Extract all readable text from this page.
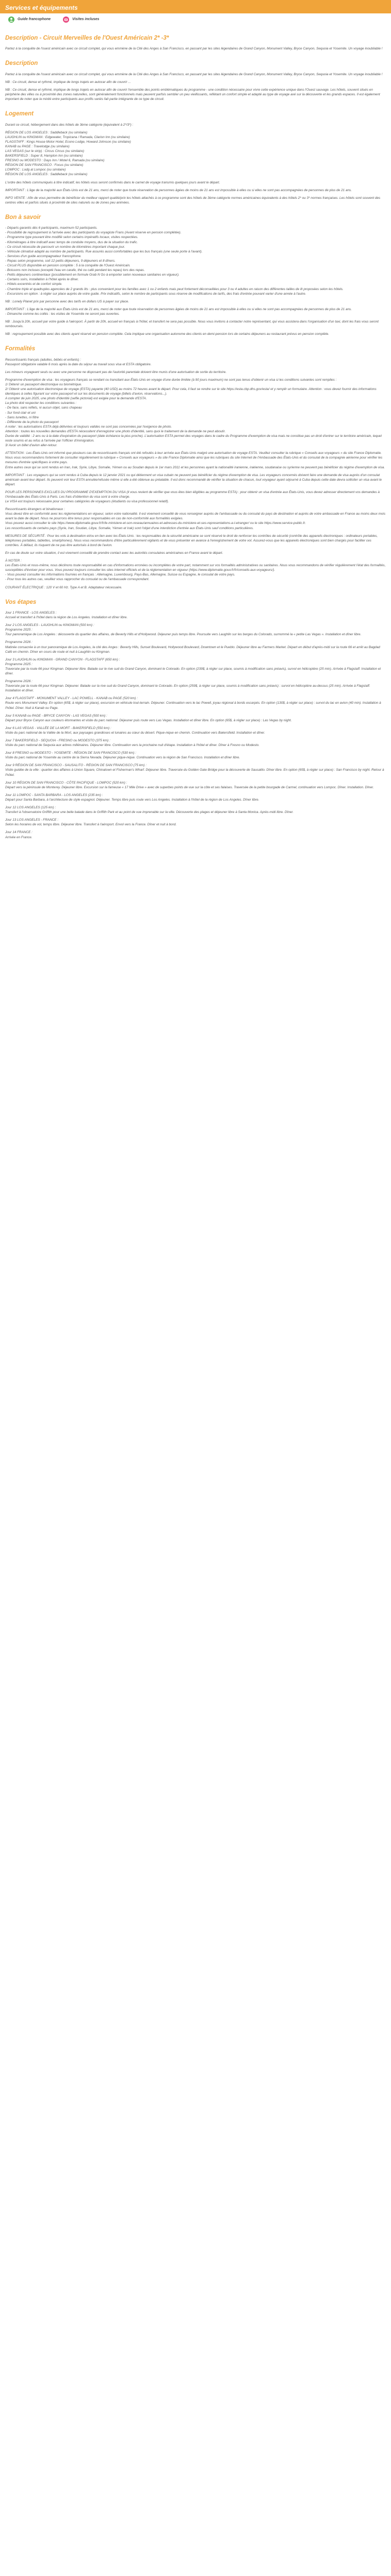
Services et équipements
Guide francophone	Visites incluses
Description - Circuit Merveilles de l'Ouest Américain 2* -3*

Partez à la conquête de l'ouest américain avec ce circuit complet, qui vous emmène de la Cité des Anges à San Francisco, en passant par les sites légendaires de Grand Canyon, Monument Valley, Bryce Canyon, Sequoia et Yosemite. Un voyage inoubliable !

Description

Partez à la conquête de l'ouest américain avec ce circuit complet, qui vous emmène de la Cité des Anges à San Francisco, en passant par les sites légendaires de Grand Canyon, Monument Valley, Bryce Canyon, Sequoia et Yosemite. Un voyage inoubliable !

NB : Ce circuit, dense et rythmé, implique de longs trajets en autocar afin de couvrir ...

NB : Ce circuit, dense et rythmé, implique de longs trajets en autocar afin de couvrir l'ensemble des points emblématiques du programme - une condition nécessaire pour vivre cette expérience unique dans l'Ouest sauvage. Les hôtels, souvent situés en périphérie des villes ou à proximité des zones naturelles, sont généralement fonctionnels mais peuvent parfois sembler un peu vieillissants, reflétant un confort simple et adapté au type de voyage axé sur la découverte et les grands espaces. Il est également important de noter que la mixité entre participants aux profils variés fait partie intégrante de ce type de circuit.

Logement

Durant ce circuit, hébergement dans des hôtels de 3ème catégorie (équivalent à 2*/3*) :

RÉGION DE LOS ANGELES : Saddleback (ou similaire)
LAUGHLIN ou KINGMAN : Edgewater, Tropicana / Ramada, Clarion Inn (ou similaire)
FLAGSTAFF : Kings House Motor Hotel, Econo Lodge, Howard Johnson (ou similaire)
KANAB ou PAGE : Travelodge (ou similaire)
LAS VEGAS (sur le strip) : Circus Circus (ou similaire)
BAKERSFIELD : Super 8, Hampton Inn (ou similaire)
FRESNO ou MODESTO : Days Inn / Motel 6, Ramada (ou similaire)
RÉGION DE SAN FRANCISCO : Focus (ou similaire)
LOMPOC : Lodg at Lompoc (ou similaire)
RÉGION DE LOS ANGELES : Saddleback (ou similaire)

L'ordre des hôtels communiqués à titre indicatif, les hôtels vous seront confirmés dans le carnet de voyage transmis quelques jours avant le départ.

IMPORTANT : L'âge de la majorité aux États-Unis est de 21 ans, merci de noter que toute réservation de personnes âgées de moins de 21 ans est impossible à elles ou si elles ne sont pas accompagnées de personnes de plus de 21 ans.

INFO VENTE : Afin de vous permettre de bénéficier du meilleur rapport qualité/prix les hôtels attachés à ce programme sont des hôtels de 3ème catégorie normes américaines équivalents à des hôtels 2* ou 3* normes françaises. Les hôtels sont souvent des centres villes et parfois situés à proximité de sites naturels ou de zones peu animées.

Bon à savoir

- Départs garantis dès 6 participants, maximum 52 participants.
- Possibilité de regroupement à l'arrivée avec des participants du voyagiste Frans (Avant réserve en pension complétée).
- Programme type pouvant être modifié selon certains impératifs locaux, visites respectées.
- Kilométrages à titre indicatif avec temps de conduite moyens, dus de la situation du trafic.
- Ce circuit nécessite de parcourir un nombre de kilomètres important chaque jour.
- Véhicule climatisé adapté au nombre de participants. Rue assurés aussi comfortables que les bus français (une seule porte à l'avant).
- Services d'un guide accompagnateur francophone.
- Repas selon programme, soit 12 petits déjeuners, 9 déjeuners et 8 dîners.
- Circuit PLUS disponible en pension complète : 5 à la conquête de l'Ouest Américain.
- Boissons non incluses (excepté l'eau en carafe, thé ou café pendant les repas) lors des repas.
- Petits déjeuners continentaux (possiblement en formule Grab N Go à emporter selon nouveaux sanitaires en vigueur).
- Certains soirs, installation à l'hôtel après le dîner.
- Hôtels excentrés et de confort simple.
- Chambre triple et quadruples agencées de 2 grands lits : plus convenient pour les familles avec 1 ou 2 enfants mais peut fortement déconseillées pour 3 ou 4 adultes en raison des différentes tailles de lit proposées selon les hôtels.
- Excursions en option : à régler sur place auprès de votre guide. Prix indicatifs, selon le nombre de participants sous réserve de modifications de tarifs, des frais d'entrée pouvant varier d'une année à l'autre.

NB : Lonely Planet prix par personne avec des tarifs en dollars US à payer sur place.

IMPORTANT : L'âge de la majorité aux États-Unis est de 21 ans, merci de noter que toute réservation de personnes âgées de moins de 21 ans est impossible à elles ou si elles ne sont pas accompagnées de personnes de plus de 21 ans.
- Dimanche comme les collés : les visites de Yosemite ne seront pas ouvertes.

NB : Jusqu'à 20h, accueil par votre guide à l'aéroport. À partir de 20h, accueil en français à l'hôtel, et transfert ne sera pas possible. Nous vous invitons à contacter notre représentant, qui vous assistera dans l'organisation d'un taxi, dont les frais vous seront remboursés.

NB : regroupement possible avec des clients ayant réservé en pension complète. Cela implique une organisation autonome des clients en demi-pension lors de certains déjeuners au restaurant prévus en pension complète.

Formalités

Ressortissants français (adultes, bébés et enfants) :
Passeport obligatoire valable 6 mois après la date du séjour au travail sous visa et ESTA obligatoire.

Les mineurs voyageant seuls ou avec une personne ne disposant pas de l'autorité parentale doivent être munis d'une autorisation de sortie du territoire.

Programme d'exemption de visa : les voyageurs français se rendant ou transitant aux États-Unis en voyage d'une durée limitée (à 90 jours maximum) ne sont pas tenus d'obtenir un visa si les conditions suivantes sont remplies :
1/ Détenir un passeport électronique ou biométrique.
2/ Obtenir une autorisation électronique de voyage (ESTA) payante (40 USD) au moins 72 heures avant le départ. Pour cela, il faut se rendre sur le site https://esta.cbp.dhs.gov/esta/ et y remplir un formulaire. Attention : vous devez fournir des informations identiques à celles figurant sur votre passeport et sur les documents de voyage (billets d'avion, réservations...).
A compter de juin 2025, une photo d'identité (selfie pictorial) est exigée pour la demande d'ESTA.
La photo doit respecter les conditions suivantes :
- De face, sans reflets, ni aucun objet, sans chapeau
- Sur fond clair et uni
- Sans lunettes, ni filtre
- Différente de la photo du passeport
A noter : les autorisations ESTA déjà délivrées et toujours valides ne sont pas concernées par l'exigence de photo.
Attention : toutes les nouvelles demandes d'ESTA nécessitent d'enregistrer une photo d'identité, sans quoi le traitement de la demande ne peut aboutir.
Durée de validité : 2 ans ou à la date d'expiration du passeport (date échéance la plus proche). L'autorisation ESTA permet des voyages dans le cadre du Programme d'exemption de visa mais ne constitue pas un droit d'entrer sur le territoire américain, lequel reste soumis et au refus à l'arrivée par l'officier d'immigration.
3/ Avoir un billet d'avion aller-retour.

ATTENTION : Les États-Unis ont informé que plusieurs cas de ressortissants français ont été refoulés à leur arrivée aux États-Unis malgré une autorisation de voyage ESTA. Veuillez consulter la rubrique « Conseils aux voyageurs » du site France Diplomatie.
Nous vous recommandons fortement de consulter régulièrement la rubrique « Conseils aux voyageurs » du site France Diplomatie ainsi que les rubriques du site Internet de l'Ambassade des États-Unis et du consulat de la compagnie aérienne pour vérifier les mesures d'entrée spécifiques à votre pays.
Entre autres ceux qui se sont rendus en Iran, Irak, Syrie, Libye, Somalie, Yémen ou au Soudan depuis le 1er mars 2011 et les personnes ayant la nationalité iranienne, irakienne, soudanaise ou syrienne ne peuvent pas bénéficier du régime d'exemption de visa.

IMPORTANT : Les voyageurs qui se sont rendus à Cuba depuis le 12 janvier 2021 ou qui détiennent un visa cubain ne peuvent pas bénéficier du régime d'exemption de visa. Les voyageurs concernés doivent faire une demande de visa auprès d'un consulat américain avant leur départ. Ils peuvent voir leur ESTA annulée/refusée même si elle a été obtenue au préalable. Il est donc recommandé de vérifier la situation de chacun, tout voyageur ayant séjourné à Cuba depuis cette date devra solliciter un visa avant le départ.

POUR LES PERSONNES EXCLUES DU PROGRAMME D'EXEMPTION DU VISA (il vous revient de vérifier que vous êtes bien éligibles au programme ESTA) : pour obtenir un visa d'entrée aux États-Unis, vous devez adresser directement vos demandes à l'Ambassade des États-Unis à Paris. Les frais d'obtention du visa sont à votre charge.
Le VISA est toujours nécessaire pour certaines catégories de voyageurs (étudiants ou visa professionnel relatif).

Ressortissants étrangers et binationaux :
Vous devez être en conformité avec les réglementations en vigueur, selon votre nationalité. Il est vivement conseillé de vous renseigner auprès de l'ambassade ou du consulat du pays de destination et auprès de votre ambassade en France au moins deux mois avant la date de départ. Nous ne pourrons être tenus pour responsables en cas de non-conformité aux formalités exigées.
Vous pouvez aussi consulter le site https://www.diplomatie.gouv.fr/fr/le-ministere-et-son-reseau/annuaires-et-adresses-du-ministere-et-ses-representations-a-l-etranger/ ou le site https://www.service-public.fr.
Les ressortissants de certains pays (Syrie, Iran, Soudan, Libye, Somalie, Yémen et Irak) sont l'objet d'une interdiction d'entrée aux États-Unis sauf conditions particulières.

MESURES DE SÉCURITÉ : Pour les vols à destination et/ou en lien avec les États-Unis : les responsables de la sécurité américaine se sont réservé le droit de renforcer les contrôles de sécurité (contrôle des appareils électroniques : ordinateurs portables, téléphones portables, tablettes, smartphones). Nous vous recommandons d'être particulièrement vigilants et de vous présenter en avance à l'enregistrement de votre vol. Assurez-vous que les appareils électroniques sont bien chargés pour faciliter ces contrôles. À défaut, ils risquent de ne pas être autorisés à bord de l'avion.

En cas de doute sur votre situation, il est vivement conseillé de prendre contact avec les autorités consulaires américaines en France avant le départ.

À NOTER :
Les États-Unis et nous-même, nous déclinons toute responsabilité en cas d'informations erronées ou incomplètes de votre part, notamment sur vos formalités administratives ou sanitaires. Nous vous recommandons de vérifier régulièrement l'état des formalités, susceptibles d'évoluer pour vous. Vous pouvez toujours consulter les sites internet officiels et de la réglementation en vigueur (https://www.diplomatie.gouv.fr/fr/conseils-aux-voyageurs/).
- Vous pouvez consulter les informations fournies en français : Allemagne, Luxembourg, Pays-Bas, Allemagne, Suisse ou Espagne, le consulat de votre pays.
- Pour tous les autres cas, veuillez vous rapprocher du consulat ou de l'ambassade correspondant.

COURANT ÉLECTRIQUE : 120 V et 60 Hz. Type A et B. Adaptateur nécessaire.

Vos étapes

Jour 1 FRANCE - LOS ANGELES :
Accueil et transfert à l'hôtel dans la région de Los Angeles. Installation et dîner libre.

Jour 2 LOS ANGELES - LAUGHLIN ou KINGMAN (500 km) :
Programme 2025 :
Tour panoramique de Los Angeles : découverte du quartier des affaires, de Beverly Hills et d'Hollywood. Déjeuner puis temps libre. Poursuite vers Laughlin sur les berges du Colorado, surnommé la « petite Las Vegas ». Installation et dîner libre.

Programme 2026 :
Matinée consacrée à un tour panoramique de Los Angeles, la cité des Anges : Beverly Hills, Sunset Boulevard, Hollywood Boulevard, Downtown et le Pueblo. Déjeuner libre au Farmers Market. Départ en début d'après-midi sur la route 66 et arrêt au Bagdad Café en chemin. Dîner en cours de route et nuit à Laughlin ou Kingman.

Jour 3 LAUGHLIN ou KINGMAN - GRAND CANYON - FLAGSTAFF (650 km) :
Programme 2025 :
Traversée par la route 66 pour Kingman. Déjeuner libre. Balade sur le rive sud du Grand Canyon, dominant le Colorado. En option (239$, à régler sur place, soumis à modification sans préavis), survol en hélicoptère (25 min). Arrivée à Flagstaff. Installation et dîner.

Programme 2026 :
Traversée par la route 66 pour Kingman. Déjeuner. Balade sur la rive sud du Grand Canyon, dominant le Colorado. En option (259$, à régler sur place, soumis à modification sans préavis) : survol en hélicoptère au-dessus (25 min). Arrivée à Flagstaff. Installation et dîner.

Jour 4 FLAGSTAFF - MONUMENT VALLEY - LAC POWELL - KANAB ou PAGE (520 km) :
Route vers Monument Valley. En option (65$, à régler sur place), excursion en véhicule tout-terrain. Déjeuner. Continuation vers le lac Powell, joyau régional à bords escarpés. En option (130$, à régler sur place) : survol du lac en avion (40 min). Installation à l'hôtel. Dîner. Nuit à Kanab ou Page.

Jour 5 KANAB ou PAGE - BRYCE CANYON - LAS VEGAS (500 km) :
Départ pour Bryce Canyon aux couleurs étonnantes et visite du parc national. Déjeuner puis route vers Las Vegas. Installation et dîner libre. En option (65$, à régler sur place) : Las Vegas by night.

Jour 6 LAS VEGAS - VALLÉE DE LA MORT - BAKERSFIELD (550 km) :
Visite du parc national de la Vallée de la Mort, aux paysages grandioses et lunaires au cœur du désert. Pique-nique en chemin. Continuation vers Bakersfield. Installation et dîner.

Jour 7 BAKERSFIELD - SEQUOIA - FRESNO ou MODESTO (375 km) :
Visite du parc national de Sequoia aux arbres millénaires. Déjeuner libre. Continuation vers la prochaine nuit d'étape. Installation à l'hôtel et dîner. Dîner à Fresno ou Modesto.

Jour 8 FRESNO ou MODESTO - YOSEMITE - RÉGION DE SAN FRANCISCO (530 km) :
Visite du parc national de Yosemite au centre de la Sierra Nevada. Déjeuner pique-nique. Continuation vers la région de San Francisco. Installation et dîner libre.

Jour 9 RÉGION DE SAN FRANCISCO - SAUSALITO - RÉGION DE SAN FRANCISCO (75 km) :
Visite guidée de la ville : quartier des affaires à Union Square, Chinatown et Fisherman's Wharf. Déjeuner libre. Traversée du Golden Gate Bridge pour la découverte de Sausalito. Dîner libre. En option (65$, à régler sur place) : San Francisco by night. Retour à l'hôtel.

Jour 10 RÉGION DE SAN FRANCISCO - CÔTE PACIFIQUE - LOMPOC (520 km) :
Départ vers la péninsule de Monterey. Déjeuner libre. Excursion sur la fameuse « 17 Mile Drive » avec de superbes points de vue sur la côte et ses falaises. Traversée de la petite bourgade de Carmel, continuation vers Lompoc. Dîner. Installation. Dîner.

Jour 11 LOMPOC - SANTA BARBARA - LOS ANGELES (235 km) :
Départ pour Santa Barbara, à l'architecture de style espagnol. Déjeuner. Temps libre puis route vers Los Angeles. Installation à l'hôtel de la région de Los Angeles. Dîner libre.

Jour 12 LOS ANGELES (125 km) :
Transfert à l'observatoire Griffith pour une belle balade dans le Griffith Park et au point de vue imprenable sur la ville. Découverte des plages et déjeuner libre à Santa Monica. Après-midi libre. Dîner.

Jour 13 LOS ANGELES - FRANCE :
Selon les horaires de vol, temps libre. Déjeuner libre. Transfert à l'aéroport. Envol vers la France. Dîner et nuit à bord.

Jour 14 FRANCE :
Arrivée en France.
